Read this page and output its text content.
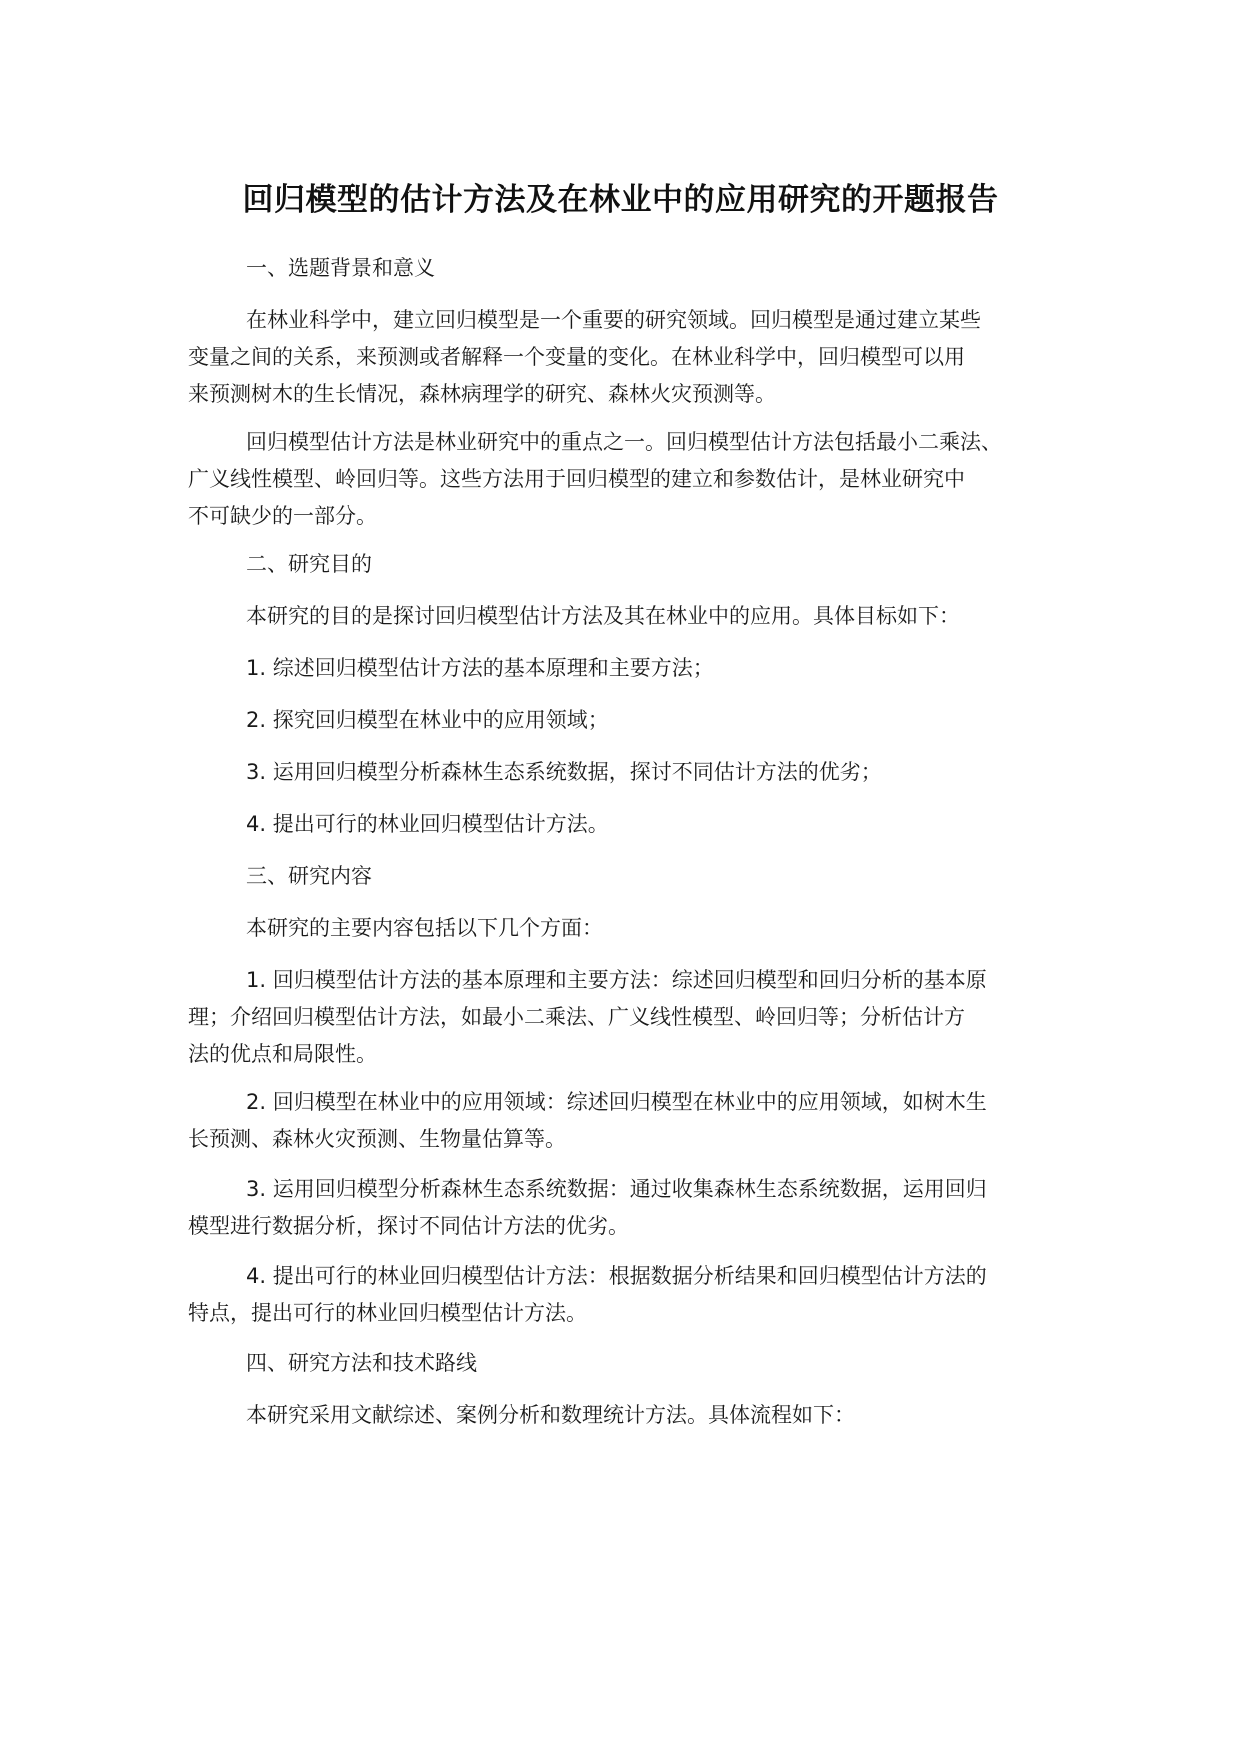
回归模型的估计方法及在林业中的应用研究的开题报告
一、选题背景和意义
在林业科学中，建立回归模型是一个重要的研究领域。回归模型是通过建立某些
变量之间的关系，来预测或者解释一个变量的变化。在林业科学中，回归模型可以用
来预测树木的生长情况，森林病理学的研究、森林火灾预测等。
回归模型估计方法是林业研究中的重点之一。回归模型估计方法包括最小二乘法、
广义线性模型、岭回归等。这些方法用于回归模型的建立和参数估计，是林业研究中
不可缺少的一部分。
二、研究目的
本研究的目的是探讨回归模型估计方法及其在林业中的应用。具体目标如下：
1. 综述回归模型估计方法的基本原理和主要方法；
2. 探究回归模型在林业中的应用领域；
3. 运用回归模型分析森林生态系统数据，探讨不同估计方法的优劣；
4. 提出可行的林业回归模型估计方法。
三、研究内容
本研究的主要内容包括以下几个方面：
1. 回归模型估计方法的基本原理和主要方法：综述回归模型和回归分析的基本原
理；介绍回归模型估计方法，如最小二乘法、广义线性模型、岭回归等；分析估计方
法的优点和局限性。
2. 回归模型在林业中的应用领域：综述回归模型在林业中的应用领域，如树木生
长预测、森林火灾预测、生物量估算等。
3. 运用回归模型分析森林生态系统数据：通过收集森林生态系统数据，运用回归
模型进行数据分析，探讨不同估计方法的优劣。
4. 提出可行的林业回归模型估计方法：根据数据分析结果和回归模型估计方法的
特点，提出可行的林业回归模型估计方法。
四、研究方法和技术路线
本研究采用文献综述、案例分析和数理统计方法。具体流程如下：
